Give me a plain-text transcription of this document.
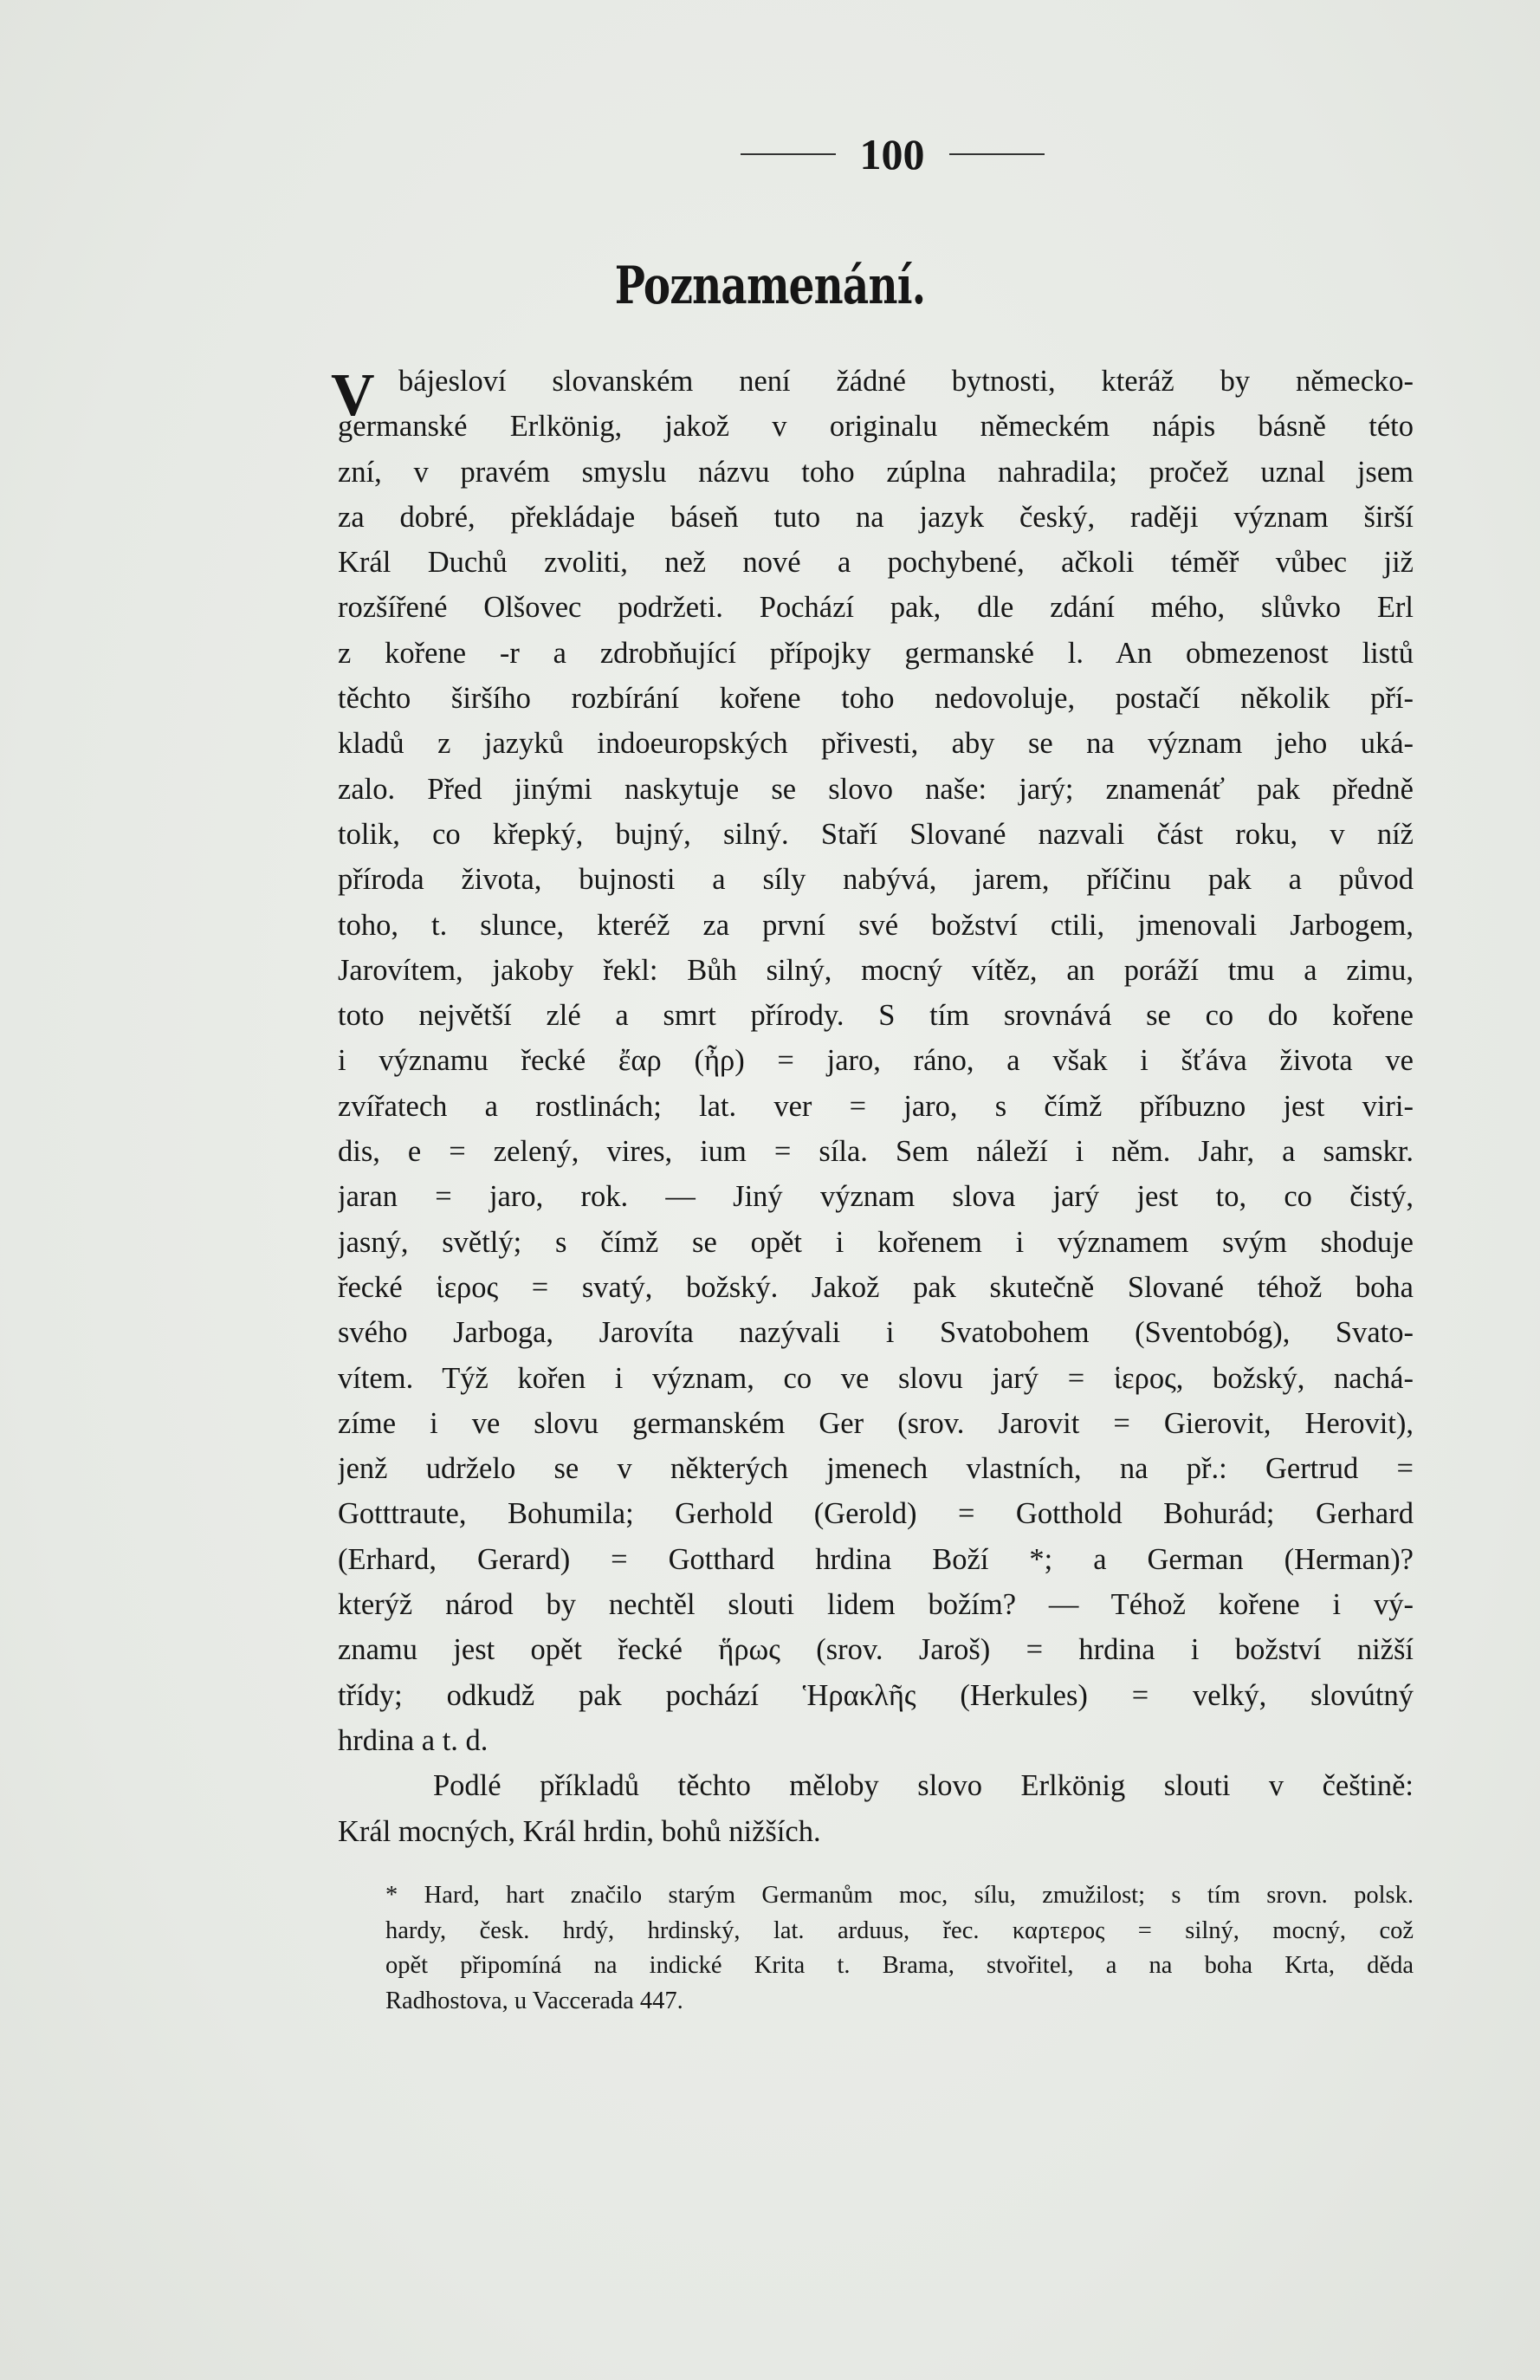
100
Poznamenání.
V bájesloví slovanském není žádné bytnosti, kteráž by německo-
germanské Erlkönig, jakož v originalu německém nápis básně této
zní, v pravém smyslu názvu toho zúplna nahradila; pročež uznal jsem
za dobré, překládaje báseň tuto na jazyk český, raději význam širší
Král Duchů zvoliti, než nové a pochybené, ačkoli téměř vůbec již
rozšířené Olšovec podržeti. Pochází pak, dle zdání mého, slůvko Erl
z kořene -r a zdrobňující přípojky germanské l. An obmezenost listů
těchto širšího rozbírání kořene toho nedovoluje, postačí několik pří-
kladů z jazyků indoeuropských přivesti, aby se na význam jeho uká-
zalo. Před jinými naskytuje se slovo naše: jarý; znamenáť pak předně
tolik, co křepký, bujný, silný. Staří Slované nazvali část roku, v níž
příroda života, bujnosti a síly nabývá, jarem, příčinu pak a původ
toho, t. slunce, kteréž za první své božství ctili, jmenovali Jarbogem,
Jarovítem, jakoby řekl: Bůh silný, mocný vítěz, an poráží tmu a zimu,
toto největší zlé a smrt přírody. S tím srovnává se co do kořene
i významu řecké ἔαρ (ἦρ) = jaro, ráno, a však i šťáva života ve
zvířatech a rostlinách; lat. ver = jaro, s čímž příbuzno jest viri-
dis, e = zelený, vires, ium = síla. Sem náleží i něm. Jahr, a samskr.
jaran = jaro, rok. — Jiný význam slova jarý jest to, co čistý,
jasný, světlý; s čímž se opět i kořenem i významem svým shoduje
řecké ἱερος = svatý, božský. Jakož pak skutečně Slované téhož boha
svého Jarboga, Jarovíta nazývali i Svatobohem (Sventobóg), Svato-
vítem. Týž kořen i význam, co ve slovu jarý = ἱερος, božský, nachá-
zíme i ve slovu germanském Ger (srov. Jarovit = Gierovit, Herovit),
jenž udrželo se v některých jmenech vlastních, na př.: Gertrud =
Gotttraute, Bohumila; Gerhold (Gerold) = Gotthold Bohurád; Gerhard
(Erhard, Gerard) = Gotthard hrdina Boží *; a German (Herman)?
kterýž národ by nechtěl slouti lidem božím? — Téhož kořene i vý-
znamu jest opět řecké ἥρως (srov. Jaroš) = hrdina i božství nižší
třídy; odkudž pak pochází Ἡρακλῆς (Herkules) = velký, slovútný
hrdina a t. d.
Podlé příkladů těchto měloby slovo Erlkönig slouti v češtině:
Král mocných, Král hrdin, bohů nižších.
* Hard, hart značilo starým Germanům moc, sílu, zmužilost; s tím srovn. polsk.
hardy, česk. hrdý, hrdinský, lat. arduus, řec. καρτερος = silný, mocný, což
opět připomíná na indické Krita t. Brama, stvořitel, a na boha Krta, děda
Radhostova, u Vaccerada 447.
